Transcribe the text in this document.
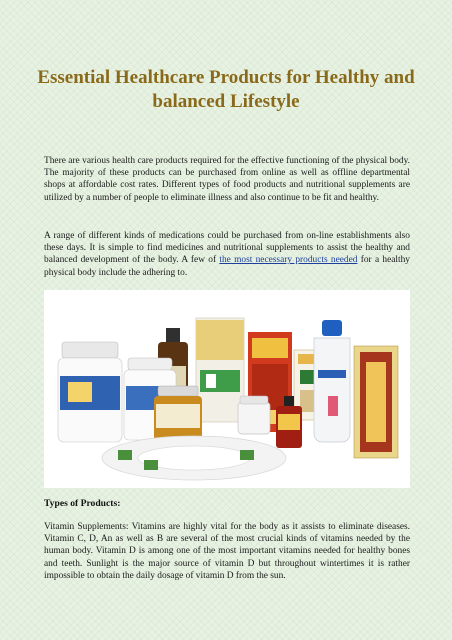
Essential Healthcare Products for Healthy and balanced Lifestyle

There are various health care products required for the effective functioning of the physical body. The majority of these products can be purchased from online as well as offline departmental shops at affordable cost rates. Different types of food products and nutritional supplements are utilized by a number of people to eliminate illness and also continue to be fit and healthy.

A range of different kinds of medications could be purchased from on-line establishments also these days. It is simple to find medicines and nutritional supplements to assist the healthy and balanced development of the body. A few of the most necessary products needed for a healthy physical body include the adhering to.

Types of Products:

Vitamin Supplements: Vitamins are highly vital for the body as it assists to eliminate diseases. Vitamin C, D, An as well as B are several of the most crucial kinds of vitamins needed by the human body. Vitamin D is among one of the most important vitamins needed for healthy bones and teeth. Sunlight is the major source of vitamin D but throughout wintertimes it is rather impossible to obtain the daily dosage of vitamin D from the sun.
